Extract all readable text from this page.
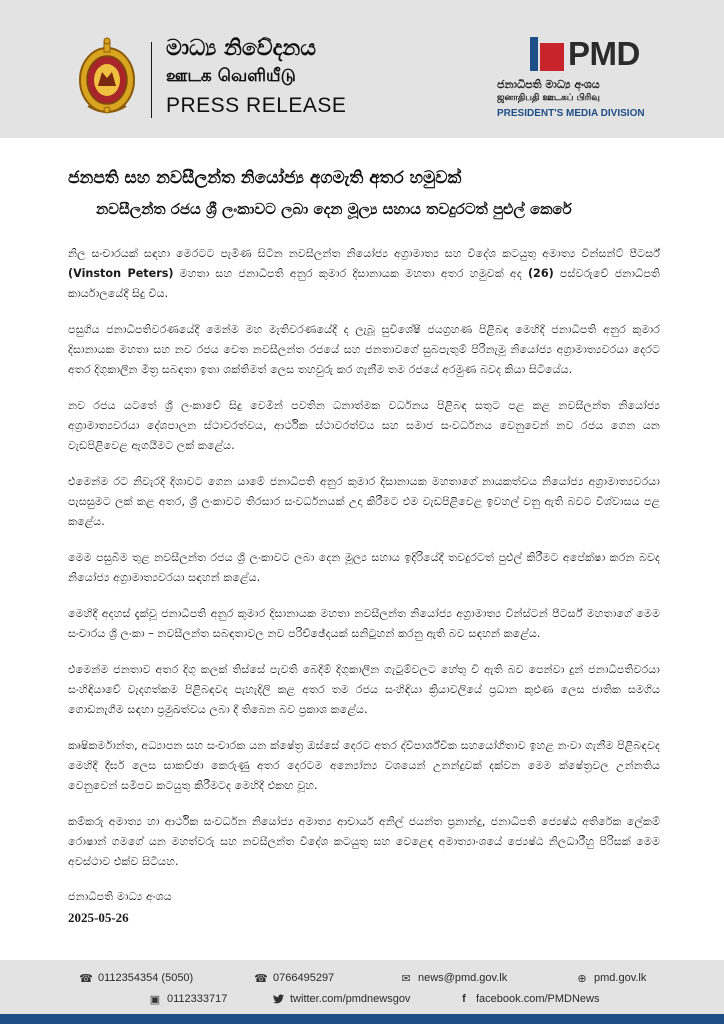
මාධ්‍ය නිවේදනය
ஊடக வெளியீடு
PRESS RELEASE
PMD
ජනාධිපති මාධ්‍ය අංශය
ஜனாதிபதி ஊடகப் பிரிவு
PRESIDENT'S MEDIA DIVISION
ජනපති සහ නවසීලන්ත නියෝජ්‍ය අගමැති අතර හමුවක්
නවසීලන්ත රජය ශ්‍රී ලංකාවට ලබා දෙන මූල්‍ය සහාය තවදුරටත් පුළුල් කෙරේ

නිල සංචාරයක් සඳහා මෙරටට පැමිණ සිටින නවසීලන්ත නියෝජ්‍ය අග්‍රාමාත්‍ය සහ විදේශ කටයුතු අමාත්‍ය වින්සන්ට් පීටර්ස් (Vinston Peters) මහතා සහ ජනාධිපති අනුර කුමාර දිසානායක මහතා අතර හමුවක් අද (26) පස්වරුවේ ජනාධිපති කාර්යාලයේදී සිදු විය.

පසුගිය ජනාධිපතිවරණයේදී මෙන්ම මහ මැතිවරණයේදී ද ලැබූ සුවිශේෂී ජයග්‍රහණ පිළිබඳ මෙහිදී ජනාධිපති අනුර කුමාර දිසානායක මහතා සහ නව රජය වෙත නවසීලන්ත රජයේ සහ ජනතාවගේ සුබපැතුම් පිරිනැමූ නියෝජ්‍ය අග්‍රාමාත්‍යවරයා දෙරට අතර දිගුකාලීන මිත්‍ර සබඳතා ඉතා ශක්තිමත් ලෙස තහවුරු කර ගැනීම තම රජයේ අරමුණ බවද කියා සිටියේය.

නව රජය යටතේ ශ්‍රී ලංකාවේ සිදු වෙමින් පවතින ධනාත්මක වර්ධනය පිළිබඳ සතුට පළ කළ නවසීලන්ත නියෝජ්‍ය අග්‍රාමාත්‍යවරයා දේශපාලන ස්ථාවරත්වය, ආර්ථික ස්ථාවරත්වය සහ සමාජ සංවර්ධනය වෙනුවෙන් නව රජය ගෙන යන වැඩපිළිවෙළ ඇගයීමට ලක් කළේය.

එමෙන්ම රට නිවැරදි දිශාවට ගෙන යාමේ ජනාධිපති අනුර කුමාර දිසානායක මහතාගේ නායකත්වය නියෝජ්‍ය අග්‍රාමාත්‍යවරයා පැසසුමට ලක් කළ අතර, ශ්‍රී ලංකාවට තිරසාර සංවර්ධනයක් උදා කිරීමට එම වැඩපිළිවෙළ ඉවහල් වනු ඇති බවට විශ්වාසය පළ කළේය.

මෙම පසුබිම තුළ නවසීලන්ත රජය ශ්‍රී ලංකාවට ලබා දෙන මූල්‍ය සහාය ඉදිරියේදී තවදුරටත් පුළුල් කිරීමට අපේක්ෂා කරන බවද නියෝජ්‍ය අග්‍රාමාත්‍යවරයා සඳහන් කළේය.

මෙහිදී අදහස් දැක්වූ ජනාධිපති අනුර කුමාර දිසානායක මහතා නවසීලන්ත නියෝජ්‍ය අග්‍රාමාත්‍ය වින්ස්ටන් පීටර්ස් මහතාගේ මෙම සංචාරය ශ්‍රී ලංකා – නවසීලන්ත සබඳතාවල නව පරිච්ඡේදයක් සනිටුහන් කරනු ඇති බව සඳහන් කළේය.

එමෙන්ම ජනතාව අතර දිගු කලක් තිස්සේ පැවති බෙදීම් දිගුකාලීන ගැටුම්වලට හේතු වී ඇති බව පෙන්වා දුන් ජනාධිපතිවරයා සංහිඳියාවේ වැදගත්කම පිළිබඳවද පැහැදිලි කළ අතර තම රජය සංහිඳියා ක්‍රියාවලියේ ප්‍රධාන කුළුණ ලෙස ජාතික සමගිය ගොඩනැගීම සඳහා ප්‍රමුඛත්වය ලබා දී තිබෙන බව ප්‍රකාශ කළේය.

කෘෂිකර්මාන්ත, අධ්‍යාපන සහ සංචාරක යන ක්ෂේත්‍ර ඔස්සේ දෙරට අතර ද්විපාර්ශ්වික සහයෝගීතාව ඉහළ නංවා ගැනීම පිළිබඳවද මෙහිදී දීර්ඝ ලෙස සාකච්ඡා කෙරුණු අතර දෙරටම අන්‍යෝන්‍ය වශයෙන් උනන්දුවක් දක්වන මෙම ක්ෂේත්‍රවල උන්නතිය වෙනුවෙන් සමීපව කටයුතු කිරීමටද මෙහිදී එකඟ වූහ.

කම්කරු අමාත්‍ය හා ආර්ථික සංවර්ධන නියෝජ්‍ය අමාත්‍ය ආචාර්ය අනිල් ජයන්ත ප්‍රනාන්දු, ජනාධිපති ජ්‍යෙෂ්ඨ අතිරේක ලේකම් රොෂාන් ගමගේ යන මහත්වරු සහ නවසීලන්ත විදේශ කටයුතු සහ වෙළෙඳ අමාත්‍යාංශයේ ජ්‍යෙෂ්ඨ නිලධාරීහු පිරිසක් මෙම අවස්ථාව එක්ව සිටියහ.

ජනාධිපති මාධ්‍ය අංශය
2025-05-26
☎ 0112354354 (5050)	☎ 0766495297	✉ news@pmd.gov.lk	⊕ pmd.gov.lk
▣ 0112333717	twitter.com/pmdnewsgov	f facebook.com/PMDNews
